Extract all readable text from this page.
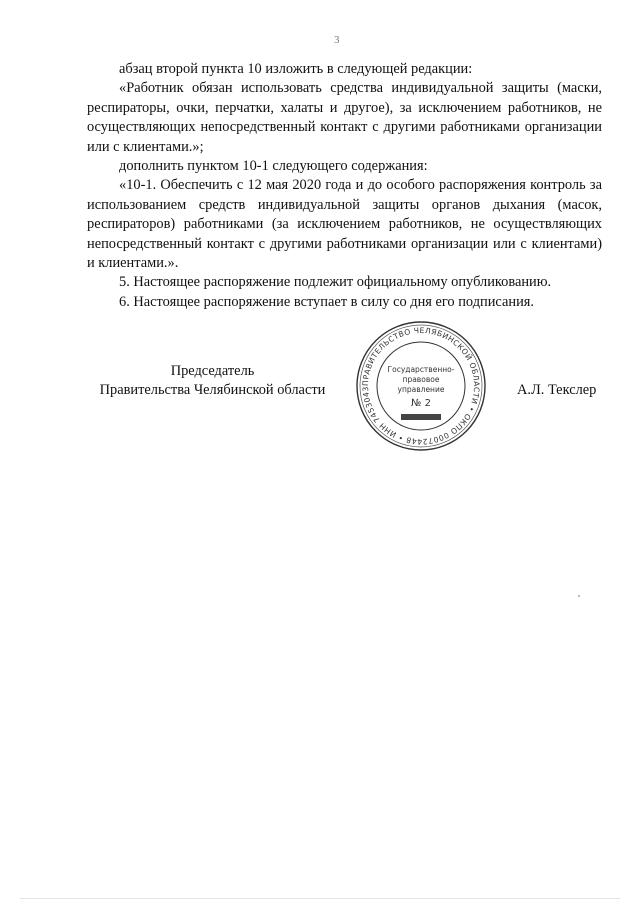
3

абзац второй пункта 10 изложить в следующей редакции:

«Работник обязан использовать средства индивидуальной защиты (маски, респираторы, очки, перчатки, халаты и другое), за исключением работников, не осуществляющих непосредственный контакт с другими работниками организации или с клиентами.»;

дополнить пунктом 10-1 следующего содержания:

«10-1. Обеспечить с 12 мая 2020 года и до особого распоряжения контроль за использованием средств индивидуальной защиты органов дыхания (масок, респираторов) работниками (за исключением работников, не осуществляющих непосредственный контакт с другими работниками организации или с клиентами) и клиентами.».

5. Настоящее распоряжение подлежит официальному опубликованию.

6. Настоящее распоряжение вступает в силу со дня его подписания.

Председатель
Правительства Челябинской области	ПРАВИТЕЛЬСТВО ЧЕЛЯБИНСКОЙ ОБЛАСТИ • ОКПО 00072448 • ИНН 7453043
Государственно-
правовое
управление
№ 2
А.Л. Текслер
